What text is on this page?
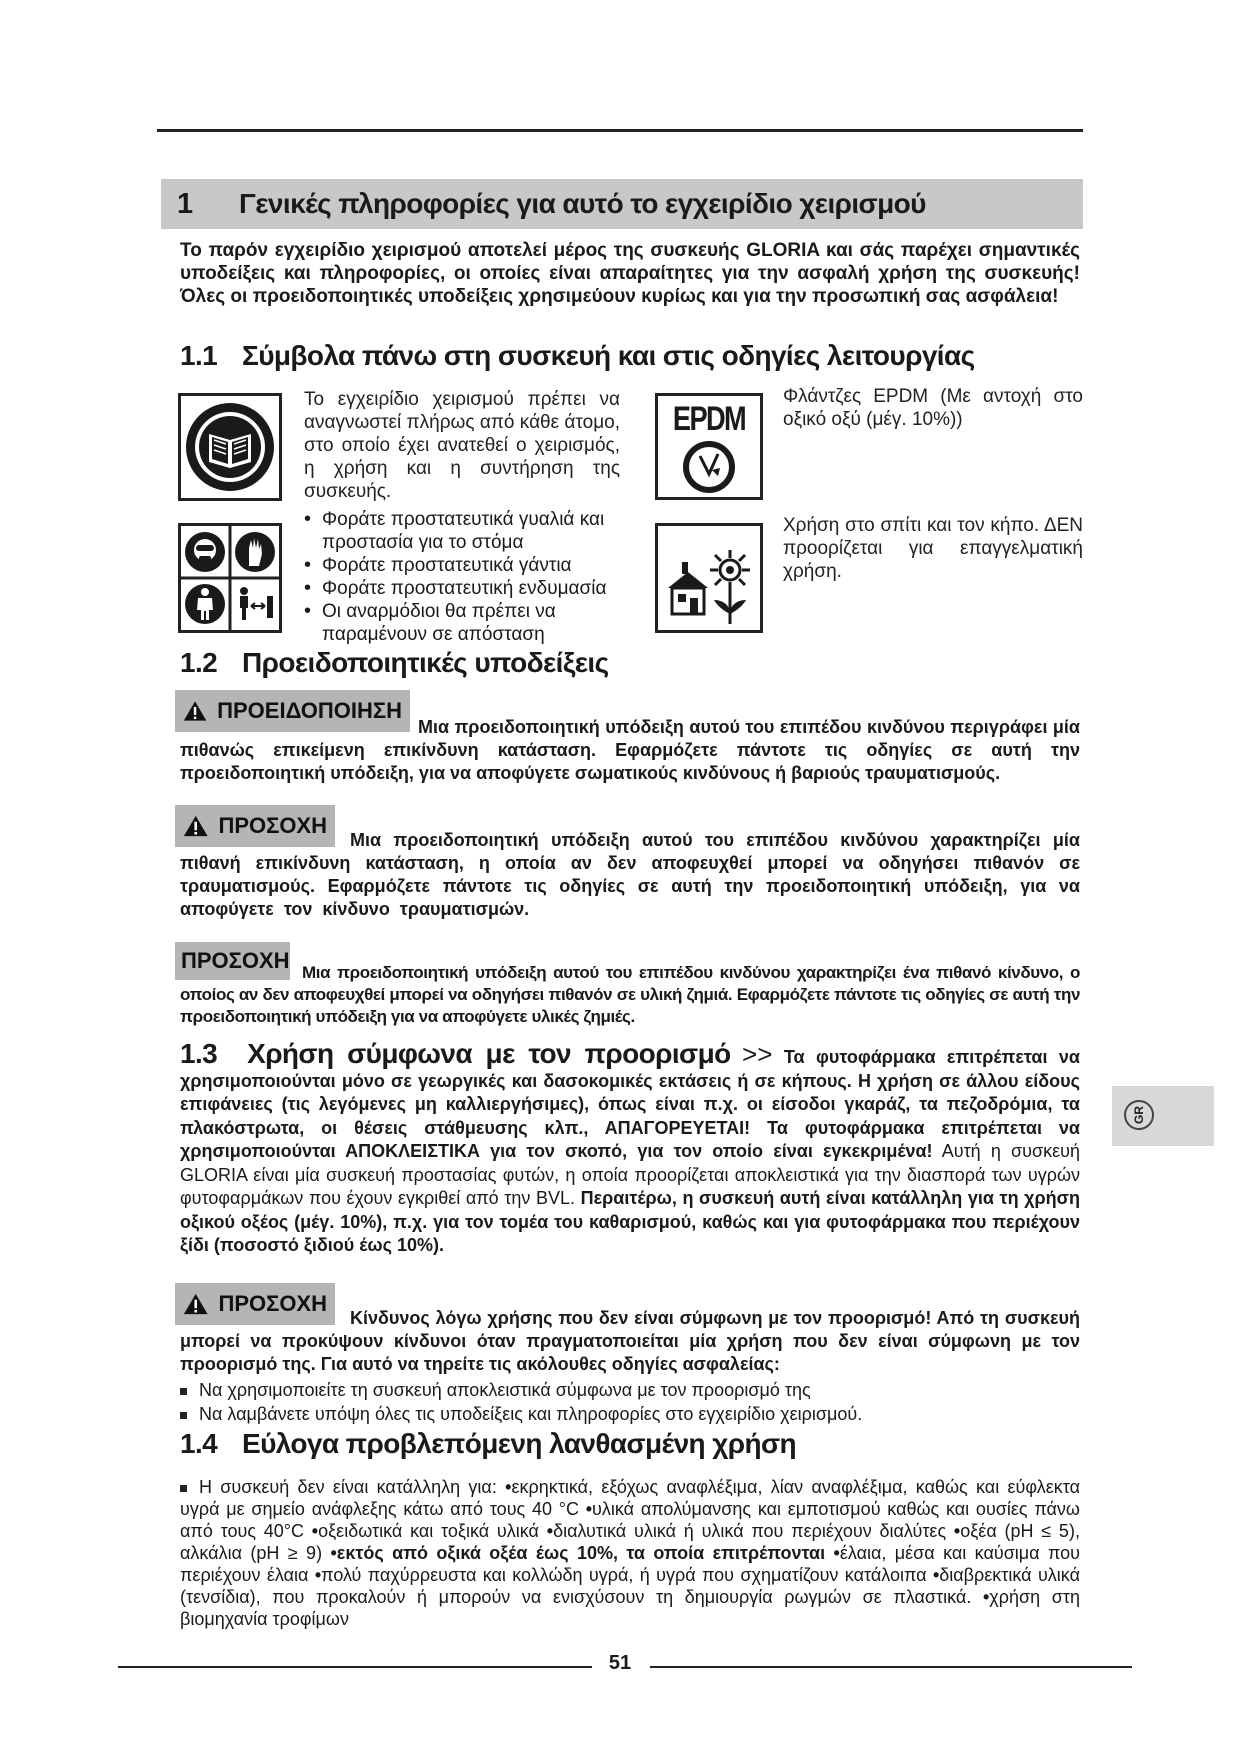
1	Γενικές πληροφορίες για αυτό το εγχειρίδιο χειρισμού
Το παρόν εγχειρίδιο χειρισμού αποτελεί μέρος της συσκευής GLORIA και σάς παρέχει σημαντικές υποδείξεις και πληροφορίες, οι οποίες είναι απαραίτητες για την ασφαλή χρήση της συσκευής! Όλες οι προειδοποιητικές υποδείξεις χρησιμεύουν κυρίως και για την προσωπική σας ασφάλεια!
1.1 Σύμβολα πάνω στη συσκευή και στις οδηγίες λειτουργίας
Το εγχειρίδιο χειρισμού πρέπει να αναγνωστεί πλήρως από κάθε άτομο, στο οποίο έχει ανατεθεί ο χειρισμός, η χρήση και η συντήρηση της συσκευής.
• Φοράτε προστατευτικά γυαλιά και προστασία για το στόμα
• Φοράτε προστατευτικά γάντια
• Φοράτε προστατευτική ενδυμασία
• Οι αναρμόδιοι θα πρέπει να παραμένουν σε απόσταση
EPDM
Φλάντζες EPDM (Με αντοχή στο οξικό οξύ (μέγ. 10%))
Χρήση στο σπίτι και τον κήπο. ΔΕΝ προορίζεται για επαγγελματική χρήση.
1.2 Προειδοποιητικές υποδείξεις
ΠΡΟΕΙΔΟΠΟΙΗΣΗ
Μια προειδοποιητική υπόδειξη αυτού του επιπέδου κινδύνου περιγράφει μία πιθανώς επικείμενη επικίνδυνη κατάσταση. Εφαρμόζετε πάντοτε τις οδηγίες σε αυτή την προειδοποιητική υπόδειξη, για να αποφύγετε σωματικούς κινδύνους ή βαριούς τραυματισμούς.
ΠΡΟΣΟΧΗ
Μια προειδοποιητική υπόδειξη αυτού του επιπέδου κινδύνου χαρακτηρίζει μία πιθανή επικίνδυνη κατάσταση, η οποία αν δεν αποφευχθεί μπορεί να οδηγήσει πιθανόν σε τραυματισμούς. Εφαρμόζετε πάντοτε τις οδηγίες σε αυτή την προειδοποιητική υπόδειξη, για να αποφύγετε τον κίνδυνο τραυματισμών.
ΠΡΟΣΟΧΗ Μια προειδοποιητική υπόδειξη αυτού του επιπέδου κινδύνου χαρακτηρίζει ένα πιθανό κίνδυνο, ο οποίος αν δεν αποφευχθεί μπορεί να οδηγήσει πιθανόν σε υλική ζημιά. Εφαρμόζετε πάντοτε τις οδηγίες σε αυτή την προειδοποιητική υπόδειξη για να αποφύγετε υλικές ζημιές.
1.3 Χρήση σύμφωνα με τον προορισμό >> Τα φυτοφάρμακα επιτρέπεται να χρησιμοποιούνται μόνο σε γεωργικές και δασοκομικές εκτάσεις ή σε κήπους. Η χρήση σε άλλου είδους επιφάνειες (τις λεγόμενες μη καλλιεργήσιμες), όπως είναι π.χ. οι είσοδοι γκαράζ, τα πεζοδρόμια, τα πλακόστρωτα, οι θέσεις στάθμευσης κλπ., ΑΠΑΓΟΡΕΥΕΤΑΙ! Τα φυτοφάρμακα επιτρέπεται να χρησιμοποιούνται ΑΠΟΚΛΕΙΣΤΙΚΑ για τον σκοπό, για τον οποίο είναι εγκεκριμένα! Αυτή η συσκευή GLORIA είναι μία συσκευή προστασίας φυτών, η οποία προορίζεται αποκλειστικά για την διασπορά των υγρών φυτοφαρμάκων που έχουν εγκριθεί από την BVL. Περαιτέρω, η συσκευή αυτή είναι κατάλληλη για τη χρήση οξικού οξέος (μέγ. 10%), π.χ. για τον τομέα του καθαρισμού, καθώς και για φυτοφάρμακα που περιέχουν ξίδι (ποσοστό ξιδιού έως 10%).
ΠΡΟΣΟΧΗ
Κίνδυνος λόγω χρήσης που δεν είναι σύμφωνη με τον προορισμό! Από τη συσκευή μπορεί να προκύψουν κίνδυνοι όταν πραγματοποιείται μία χρήση που δεν είναι σύμφωνη με τον προορισμό της. Για αυτό να τηρείτε τις ακόλουθες οδηγίες ασφαλείας:
Να χρησιμοποιείτε τη συσκευή αποκλειστικά σύμφωνα με τον προορισμό της
Να λαμβάνετε υπόψη όλες τις υποδείξεις και πληροφορίες στο εγχειρίδιο χειρισμού.
1.4 Εύλογα προβλεπόμενη λανθασμένη χρήση
Η συσκευή δεν είναι κατάλληλη για: •εκρηκτικά, εξόχως αναφλέξιμα, λίαν αναφλέξιμα, καθώς και εύφλεκτα υγρά με σημείο ανάφλεξης κάτω από τους 40 °C •υλικά απολύμανσης και εμποτισμού καθώς και ουσίες πάνω από τους 40°C •οξειδωτικά και τοξικά υλικά •διαλυτικά υλικά ή υλικά που περιέχουν διαλύτες •οξέα (pH ≤ 5), αλκάλια (pH ≥ 9) •εκτός από οξικά οξέα έως 10%, τα οποία επιτρέπονται •έλαια, μέσα και καύσιμα που περιέχουν έλαια •πολύ παχύρρευστα και κολλώδη υγρά, ή υγρά που σχηματίζουν κατάλοιπα •διαβρεκτικά υλικά (τενσίδια), που προκαλούν ή μπορούν να ενισχύσουν τη δημιουργία ρωγμών σε πλαστικά. •χρήση στη βιομηχανία τροφίμων
GR
51
